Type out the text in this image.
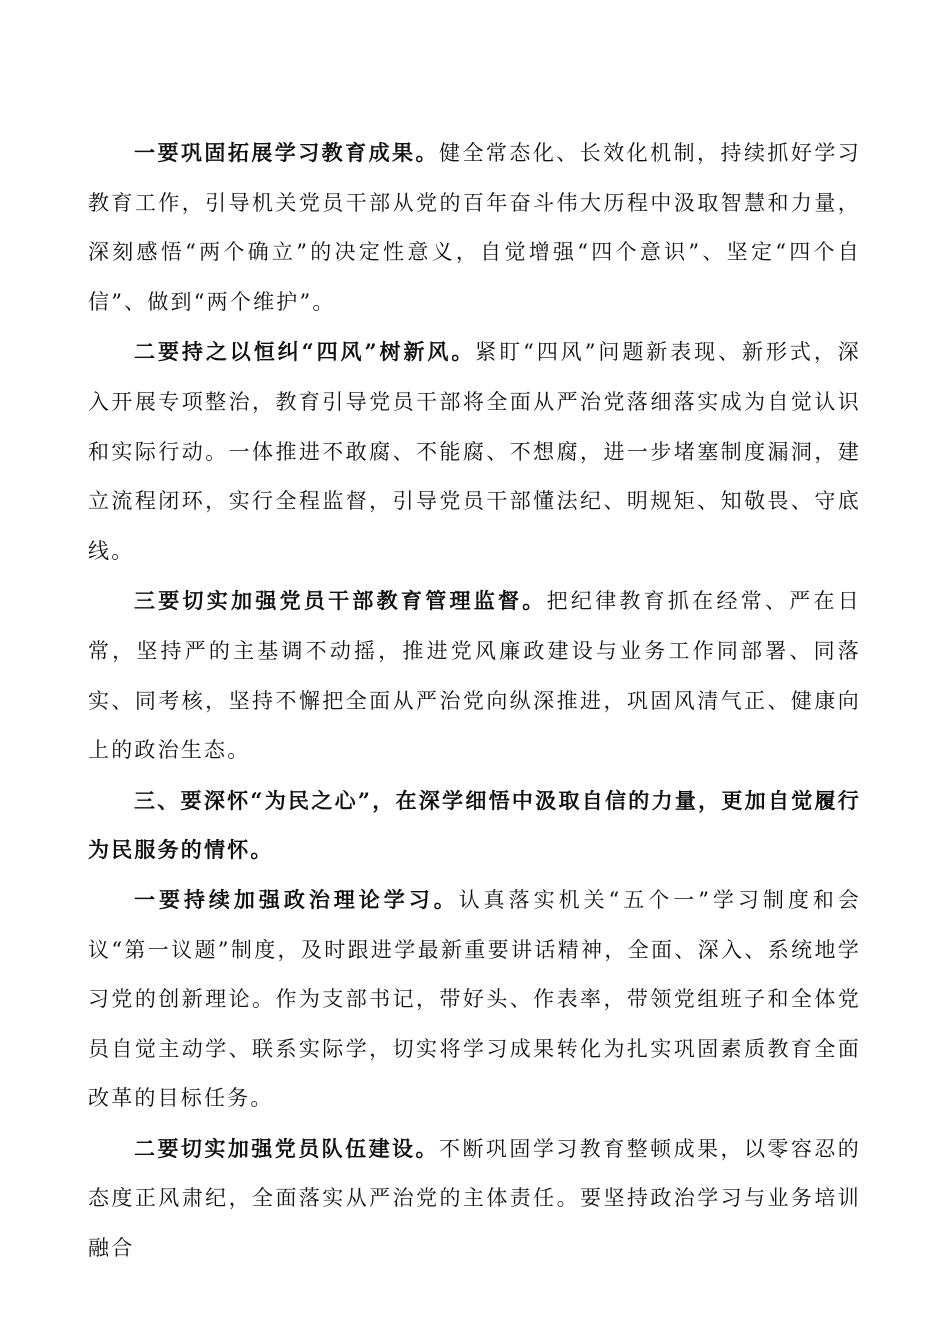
一要巩固拓展学习教育成果。健全常态化、长效化机制，持续抓好学习教育工作，引导机关党员干部从党的百年奋斗伟大历程中汲取智慧和力量，深刻感悟“两个确立”的决定性意义，自觉增强“四个意识”、坚定“四个自信”、做到“两个维护”。

二要持之以恒纠“四风”树新风。紧盯“四风”问题新表现、新形式，深入开展专项整治，教育引导党员干部将全面从严治党落细落实成为自觉认识和实际行动。一体推进不敢腐、不能腐、不想腐，进一步堵塞制度漏洞，建立流程闭环，实行全程监督，引导党员干部懂法纪、明规矩、知敬畏、守底线。

三要切实加强党员干部教育管理监督。把纪律教育抓在经常、严在日常，坚持严的主基调不动摇，推进党风廉政建设与业务工作同部署、同落实、同考核，坚持不懈把全面从严治党向纵深推进，巩固风清气正、健康向上的政治生态。

三、要深怀“为民之心”，在深学细悟中汲取自信的力量，更加自觉履行为民服务的情怀。

一要持续加强政治理论学习。认真落实机关“五个一”学习制度和会议“第一议题”制度，及时跟进学最新重要讲话精神，全面、深入、系统地学习党的创新理论。作为支部书记，带好头、作表率，带领党组班子和全体党员自觉主动学、联系实际学，切实将学习成果转化为扎实巩固素质教育全面改革的目标任务。

二要切实加强党员队伍建设。不断巩固学习教育整顿成果，以零容忍的态度正风肃纪，全面落实从严治党的主体责任。要坚持政治学习与业务培训融合
